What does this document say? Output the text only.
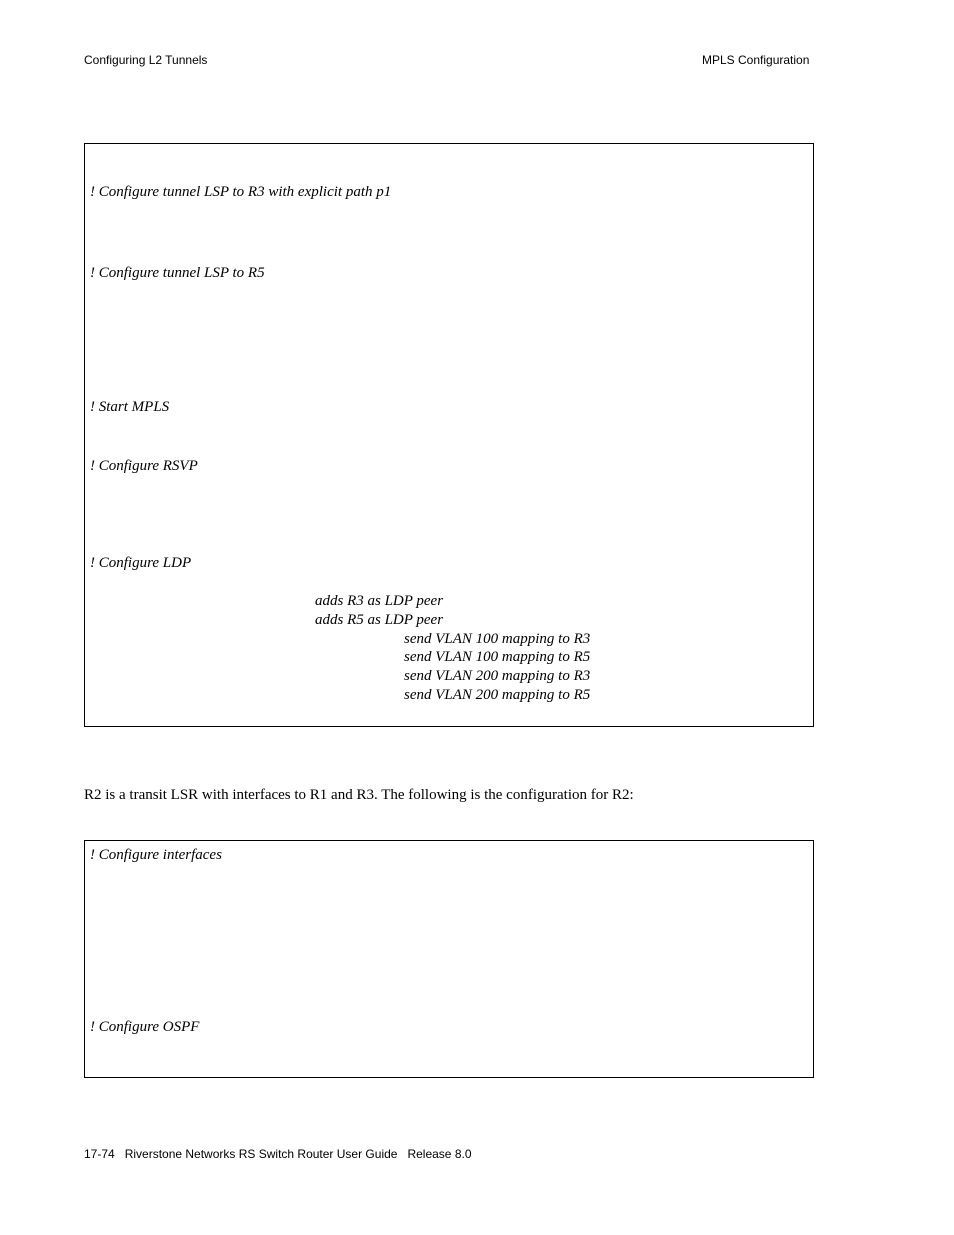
Configuring L2 Tunnels	MPLS Configuration
! Configure tunnel LSP to R3 with explicit path p1
! Configure tunnel LSP to R5
! Start MPLS
! Configure RSVP
! Configure LDP
adds R3 as LDP peer
adds R5 as LDP peer
send VLAN 100 mapping to R3
send VLAN 100 mapping to R5
send VLAN 200 mapping to R3
send VLAN 200 mapping to R5
R2 is a transit LSR with interfaces to R1 and R3. The following is the configuration for R2:
! Configure interfaces
! Configure OSPF
17-74   Riverstone Networks RS Switch Router User Guide   Release 8.0
